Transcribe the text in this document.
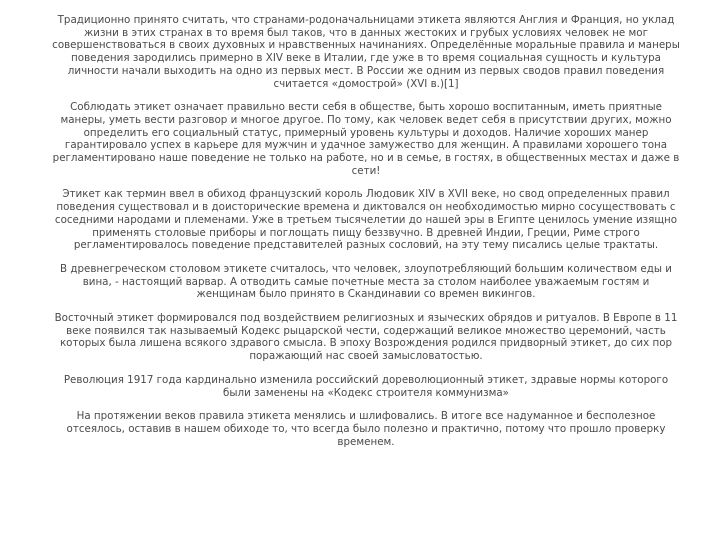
Традиционно принято считать, что странами-родоначальницами этикета являются Англия и Франция, но уклад жизни в этих странах в то время был таков, что в данных жестоких и грубых условиях человек не мог совершенствоваться в своих духовных и нравственных начинаниях. Определённые моральные правила и манеры поведения зародились примерно в XIV веке в Италии, где уже в то время социальная сущность и культура личности начали выходить на одно из первых мест. В России же одним из первых сводов правил поведения считается «домострой» (XVI в.)[1]

Соблюдать этикет означает правильно вести себя в обществе, быть хорошо воспитанным, иметь приятные манеры, уметь вести разговор и многое другое. По тому, как человек ведет себя в присутствии других, можно определить его социальный статус, примерный уровень культуры и доходов. Наличие хороших манер гарантировало успех в карьере для мужчин и удачное замужество для женщин. А правилами хорошего тона регламентировано наше поведение не только на работе, но и в семье, в гостях, в общественных местах и даже в сети!

Этикет как термин ввел в обиход французский король Людовик XIV в XVII веке, но свод определенных правил поведения существовал и в доисторические времена и диктовался он необходимостью мирно сосуществовать с соседними народами и племенами. Уже в третьем тысячелетии до нашей эры в Египте ценилось умение изящно применять столовые приборы и поглощать пищу беззвучно. В древней Индии, Греции, Риме строго регламентировалось поведение представителей разных сословий, на эту тему писались целые трактаты.

В древнегреческом столовом этикете считалось, что человек, злоупотребляющий большим количеством еды и вина, - настоящий варвар. А отводить самые почетные места за столом наиболее уважаемым гостям и женщинам было принято в Скандинавии со времен викингов.

Восточный этикет формировался под воздействием религиозных и языческих обрядов и ритуалов. В Европе в 11 веке появился так называемый Кодекс рыцарской чести, содержащий великое множество церемоний, часть которых была лишена всякого здравого смысла. В эпоху Возрождения родился придворный этикет, до сих пор поражающий нас своей замысловатостью.

Революция 1917 года кардинально изменила российский дореволюционный этикет, здравые нормы которого были заменены на «Кодекс строителя коммунизма»

На протяжении веков правила этикета менялись и шлифовались. В итоге все надуманное и бесполезное отсеялось, оставив в нашем обиходе то, что всегда было полезно и практично, потому что прошло проверку временем.
